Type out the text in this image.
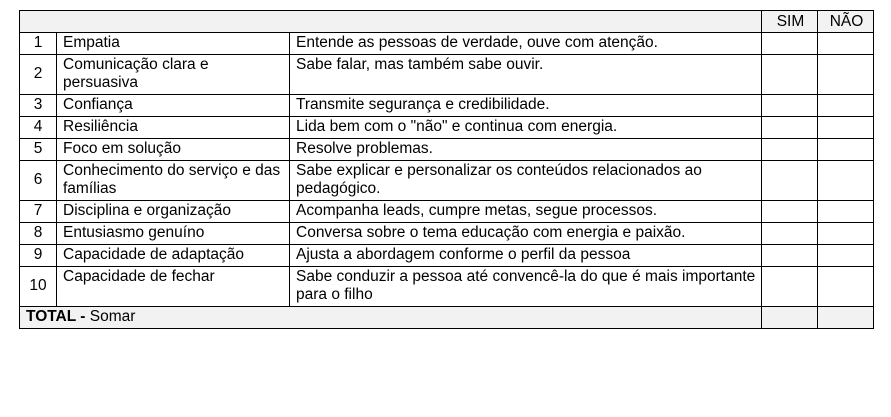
			SIM	NÃO
1	Empatia	Entende as pessoas de verdade, ouve com atenção.		
2	Comunicação clara e persuasiva	Sabe falar, mas também sabe ouvir.		
3	Confiança	Transmite segurança e credibilidade.		
4	Resiliência	Lida bem com o "não" e continua com energia.		
5	Foco em solução	Resolve problemas.		
6	Conhecimento do serviço e das famílias	Sabe explicar e personalizar os conteúdos relacionados ao pedagógico.		
7	Disciplina e organização	Acompanha leads, cumpre metas, segue processos.		
8	Entusiasmo genuíno	Conversa sobre o tema educação com energia e paixão.		
9	Capacidade de adaptação	Ajusta a abordagem conforme o perfil da pessoa		
10	Capacidade de fechar	Sabe conduzir a pessoa até convencê-la do que é mais importante para o filho		
TOTAL - Somar				
